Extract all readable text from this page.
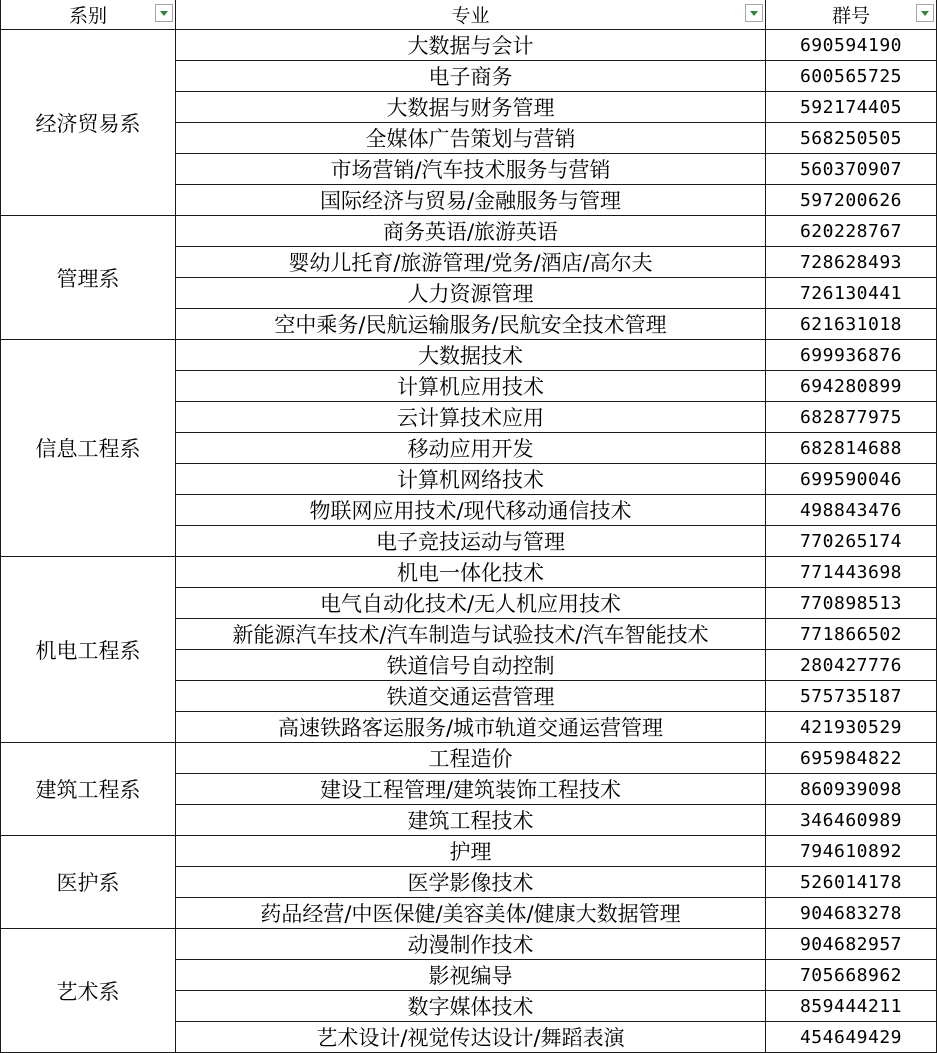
系别	专业	群号

经济贸易系	大数据与会计	690594190
	电子商务	600565725
	大数据与财务管理	592174405
	全媒体广告策划与营销	568250505
	市场营销/汽车技术服务与营销	560370907
	国际经济与贸易/金融服务与管理	597200626
管理系	商务英语/旅游英语	620228767
	婴幼儿托育/旅游管理/党务/酒店/高尔夫	728628493
	人力资源管理	726130441
	空中乘务/民航运输服务/民航安全技术管理	621631018
信息工程系	大数据技术	699936876
	计算机应用技术	694280899
	云计算技术应用	682877975
	移动应用开发	682814688
	计算机网络技术	699590046
	物联网应用技术/现代移动通信技术	498843476
	电子竞技运动与管理	770265174
机电工程系	机电一体化技术	771443698
	电气自动化技术/无人机应用技术	770898513
	新能源汽车技术/汽车制造与试验技术/汽车智能技术	771866502
	铁道信号自动控制	280427776
	铁道交通运营管理	575735187
	高速铁路客运服务/城市轨道交通运营管理	421930529
建筑工程系	工程造价	695984822
	建设工程管理/建筑装饰工程技术	860939098
	建筑工程技术	346460989
医护系	护理	794610892
	医学影像技术	526014178
	药品经营/中医保健/美容美体/健康大数据管理	904683278
艺术系	动漫制作技术	904682957
	影视编导	705668962
	数字媒体技术	859444211
	艺术设计/视觉传达设计/舞蹈表演	454649429
